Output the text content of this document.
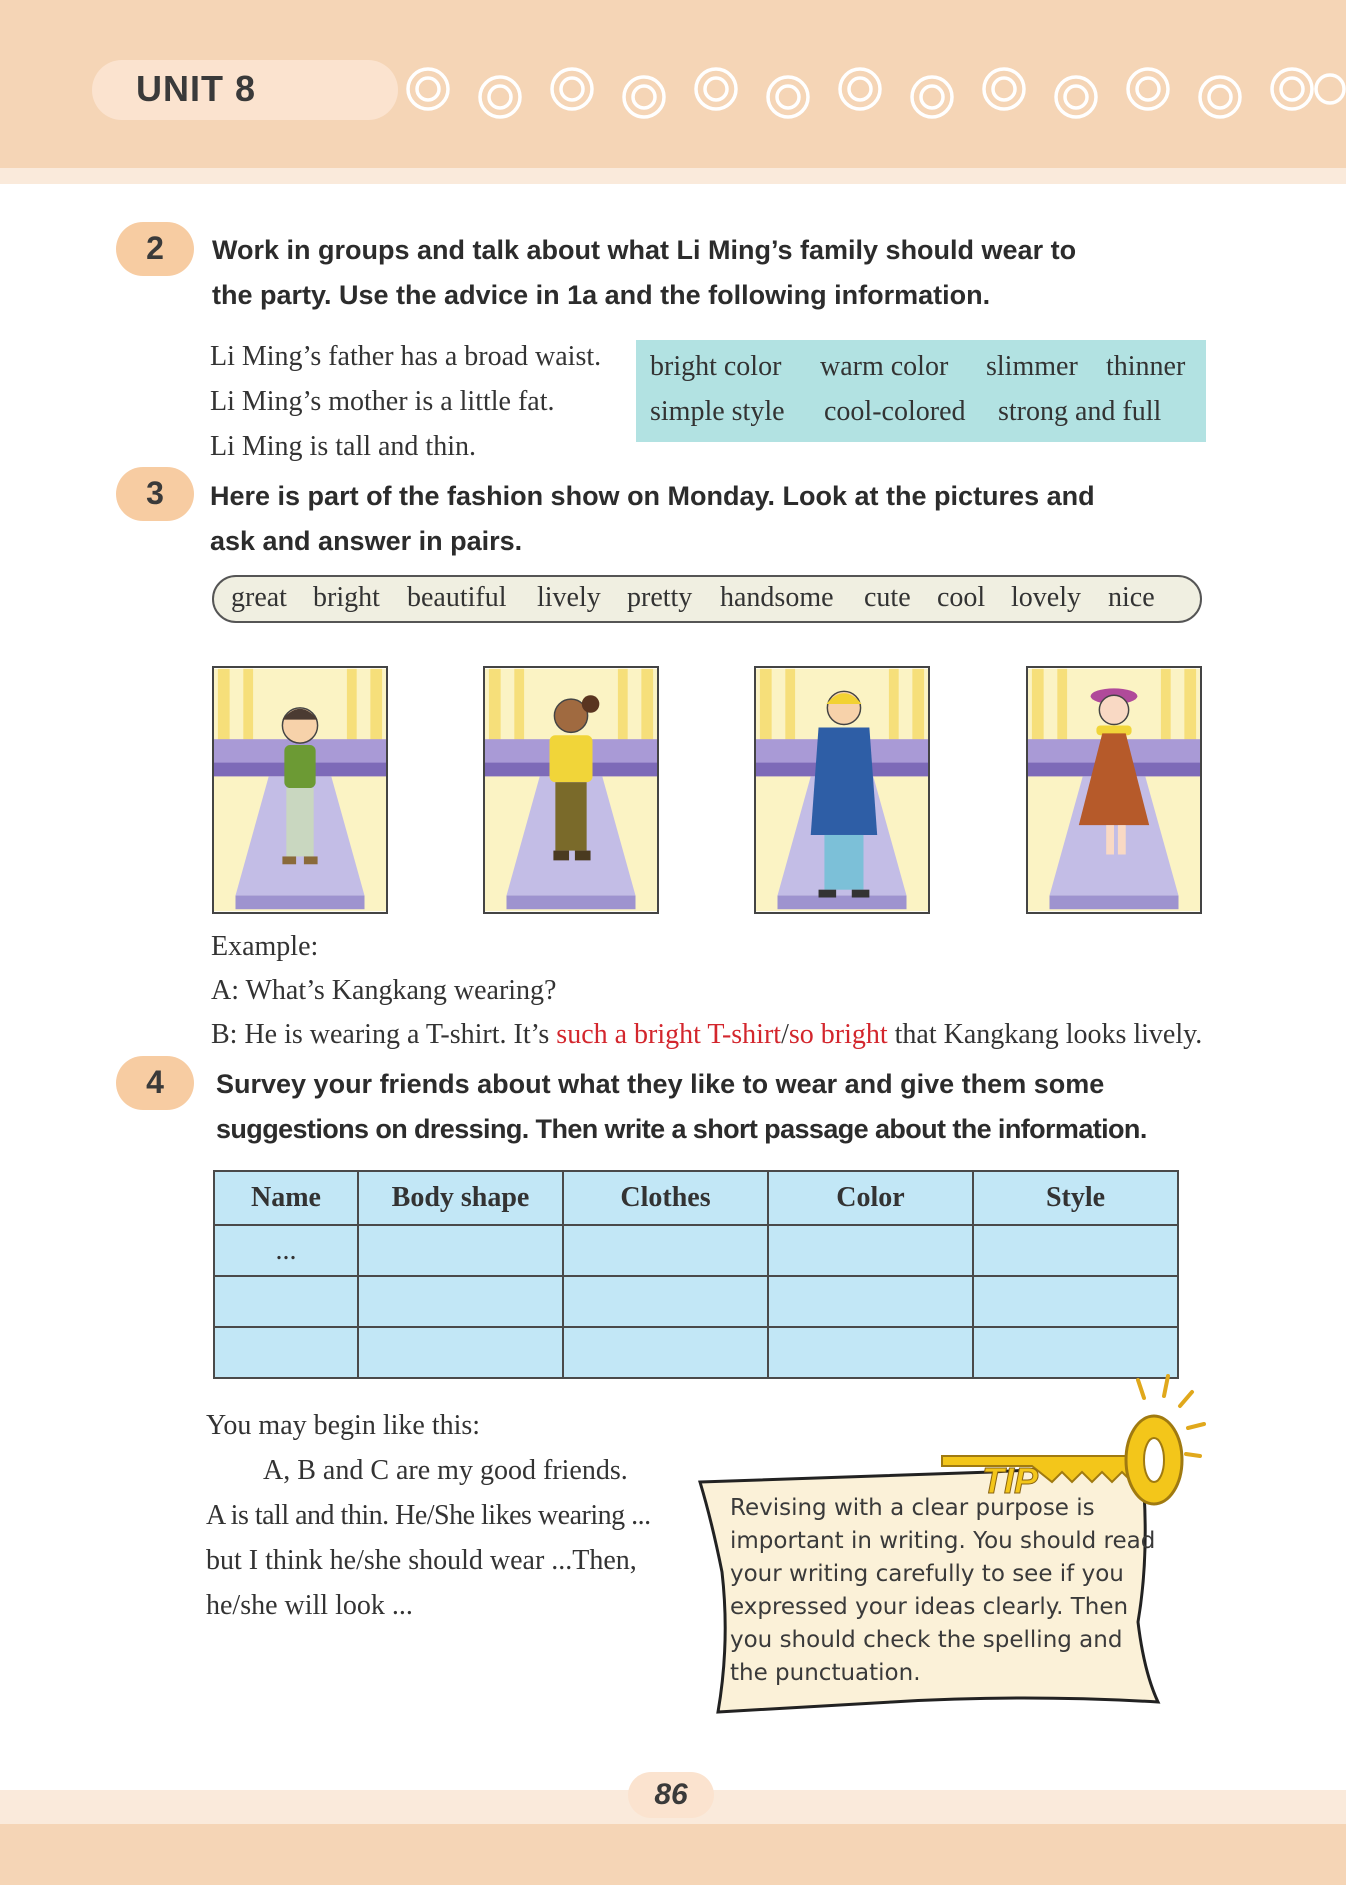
UNIT 8
2	Work in groups and talk about what Li Ming’s family should wear to
the party. Use the advice in 1a and the following information.
Li Ming’s father has a broad waist.
Li Ming’s mother is a little fat.
Li Ming is tall and thin.
bright color warm color slimmer thinner
simple style cool-colored strong and full
3	Here is part of the fashion show on Monday. Look at the pictures and
ask and answer in pairs.
great bright beautiful lively pretty handsome cute cool lovely nice
Example:
A: What’s Kangkang wearing?
B: He is wearing a T-shirt. It’s such a bright T-shirt/so bright that Kangkang looks lively.
4	Survey your friends about what they like to wear and give them some
suggestions on dressing. Then write a short passage about the information.
Name	Body shape	Clothes	Color	Style
...				

You may begin like this:
A, B and C are my good friends.
A is tall and thin. He/She likes wearing ...
but I think he/she should wear ...Then,
he/she will look ...
TIP
Revising with a clear purpose is
important in writing. You should read
your writing carefully to see if you
expressed your ideas clearly. Then
you should check the spelling and
the punctuation.
86
